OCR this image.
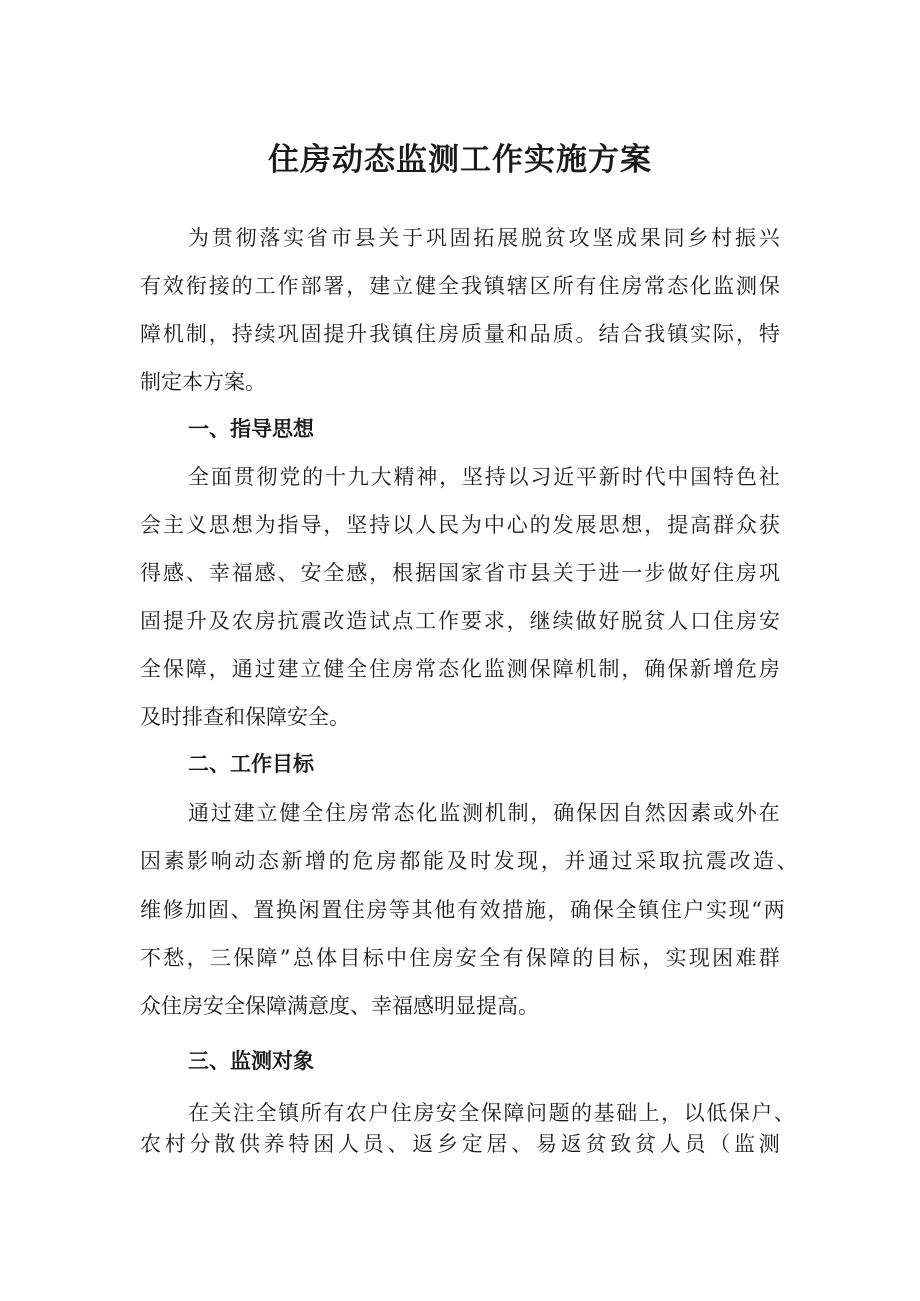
住房动态监测工作实施方案
为 贯 彻 落 实 省 市 县 关 于 巩 固 拓 展 脱 贫 攻 坚 成 果 同 乡 村 振 兴
有 效 衔 接 的 工 作 部 署 ， 建 立 健 全 我 镇 辖 区 所 有 住 房 常 态 化 监 测 保
障 机 制 ， 持 续 巩 固 提 升 我 镇 住 房 质 量 和 品 质 。 结 合 我 镇 实 际 ， 特
制定本方案。
一、指导思想
全 面 贯 彻 党 的 十 九 大 精 神 ， 坚 持 以 习 近 平 新 时 代 中 国 特 色 社
会 主 义 思 想 为 指 导 ， 坚 持 以 人 民 为 中 心 的 发 展 思 想 ， 提 高 群 众 获
得 感 、 幸 福 感 、 安 全 感 ， 根 据 国 家 省 市 县 关 于 进 一 步 做 好 住 房 巩
固 提 升 及 农 房 抗 震 改 造 试 点 工 作 要 求 ， 继 续 做 好 脱 贫 人 口 住 房 安
全 保 障 ， 通 过 建 立 健 全 住 房 常 态 化 监 测 保 障 机 制 ， 确 保 新 增 危 房
及时排查和保障安全。
二、工作目标
通 过 建 立 健 全 住 房 常 态 化 监 测 机 制 ， 确 保 因 自 然 因 素 或 外 在
因 素 影 响 动 态 新 增 的 危 房 都 能 及 时 发 现 ， 并 通 过 采 取 抗 震 改 造 、
维 修 加 固 、 置 换 闲 置 住 房 等 其 他 有 效 措 施 ， 确 保 全 镇 住 户 实 现 “ 两
不 愁 ， 三 保 障 ” 总 体 目 标 中 住 房 安 全 有 保 障 的 目 标 ， 实 现 困 难 群
众住房安全保障满意度、幸福感明显提高。
三、监测对象
在 关 注 全 镇 所 有 农 户 住 房 安 全 保 障 问 题 的 基 础 上 ， 以 低 保 户 、
农 村 分 散 供 养 特 困 人 员 、 返 乡 定 居 、 易 返 贫 致 贫 人 员 （ 监 测
